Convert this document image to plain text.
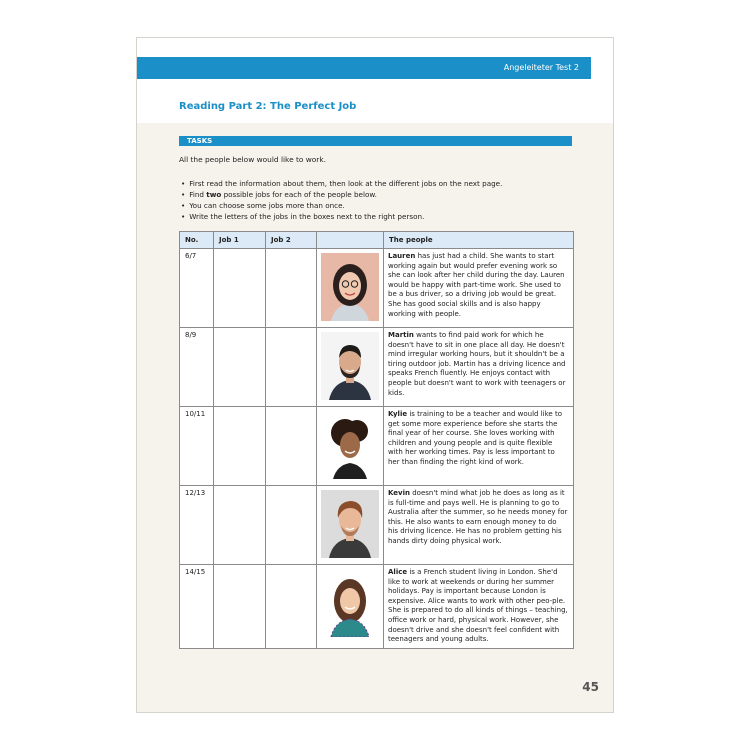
Angeleiteter Test 2
Reading Part 2: The Perfect Job
TASKS
All the people below would like to work.
• First read the information about them, then look at the different jobs on the next page.
• Find two possible jobs for each of the people below.
• You can choose some jobs more than once.
• Write the letters of the jobs in the boxes next to the right person.
No.	Job 1	Job 2		The people
6/7				Lauren has just had a child. She wants to start working again but would prefer evening work so she can look after her child during the day. Lauren would be happy with part-time work. She used to be a bus driver, so a driving job would be great. She has good social skills and is also happy working with people.
8/9				Martin wants to find paid work for which he doesn't have to sit in one place all day. He doesn't mind irregular working hours, but it shouldn't be a tiring outdoor job. Martin has a driving licence and speaks French fluently. He enjoys contact with people but doesn't want to work with teenagers or kids.
10/11				Kylie is training to be a teacher and would like to get some more experience before she starts the final year of her course. She loves working with children and young people and is quite flexible with her working times. Pay is less important to her than finding the right kind of work.
12/13				Kevin doesn't mind what job he does as long as it is full-time and pays well. He is planning to go to Australia after the summer, so he needs money for this. He also wants to earn enough money to do his driving licence. He has no problem getting his hands dirty doing physical work.
14/15				Alice is a French student living in London. She'd like to work at weekends or during her summer holidays. Pay is important because London is expensive. Alice wants to work with other peo-ple. She is prepared to do all kinds of things – teaching, office work or hard, physical work. However, she doesn't drive and she doesn't feel confident with teenagers and young adults.
45
